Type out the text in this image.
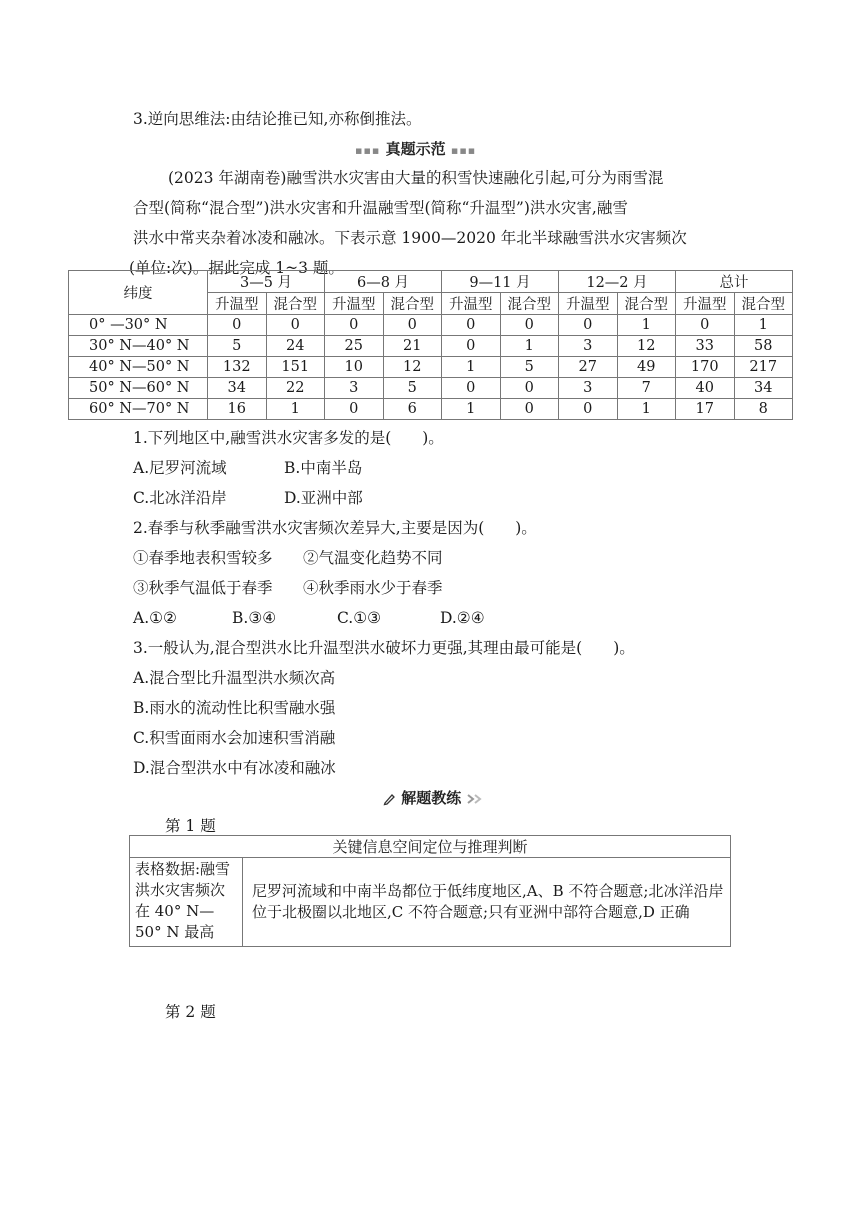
3.逆向思维法:由结论推已知,亦称倒推法。
▪▪▪ 真题示范 ▪▪▪

(2023 年湖南卷)融雪洪水灾害由大量的积雪快速融化引起,可分为雨雪混

合型(简称“混合型”)洪水灾害和升温融雪型(简称“升温型”)洪水灾害,融雪

洪水中常夹杂着冰凌和融冰。下表示意 1900—2020 年北半球融雪洪水灾害频次

(单位:次)。据此完成 1~3 题。

纬度	3—5 月		6—8 月		9—11 月		12—2 月		总计	
	升温型	混合型	升温型	混合型	升温型	混合型	升温型	混合型	升温型	混合型
0° —30° N	0	0	0	0	0	0	0	1	0	1
30° N—40° N	5	24	25	21	0	1	3	12	33	58
40° N—50° N	132	151	10	12	1	5	27	49	170	217
50° N—60° N	34	22	3	5	0	0	3	7	40	34
60° N—70° N	16	1	0	6	1	0	0	1	17	8
1.下列地区中,融雪洪水灾害多发的是(　　)。
A.尼罗河流域	B.中南半岛
C.北冰洋沿岸	D.亚洲中部
2.春季与秋季融雪洪水灾害频次差异大,主要是因为(　　)。
①春季地表积雪较多 ②气温变化趋势不同
③秋季气温低于春季 ④秋季雨水少于春季
A.①②	B.③④	C.①③	D.②④
3.一般认为,混合型洪水比升温型洪水破坏力更强,其理由最可能是(　　)。
A.混合型比升温型洪水频次高
B.雨水的流动性比积雪融水强
C.积雪面雨水会加速积雪消融
D.混合型洪水中有冰凌和融冰
解题教练
第 1 题
关键信息空间定位与推理判断
表格数据:融雪洪水灾害频次在 40° N—50° N 最高	尼罗河流域和中南半岛都位于低纬度地区,A、B 不符合题意;北冰洋沿岸位于北极圈以北地区,C 不符合题意;只有亚洲中部符合题意,D 正确
第 2 题
